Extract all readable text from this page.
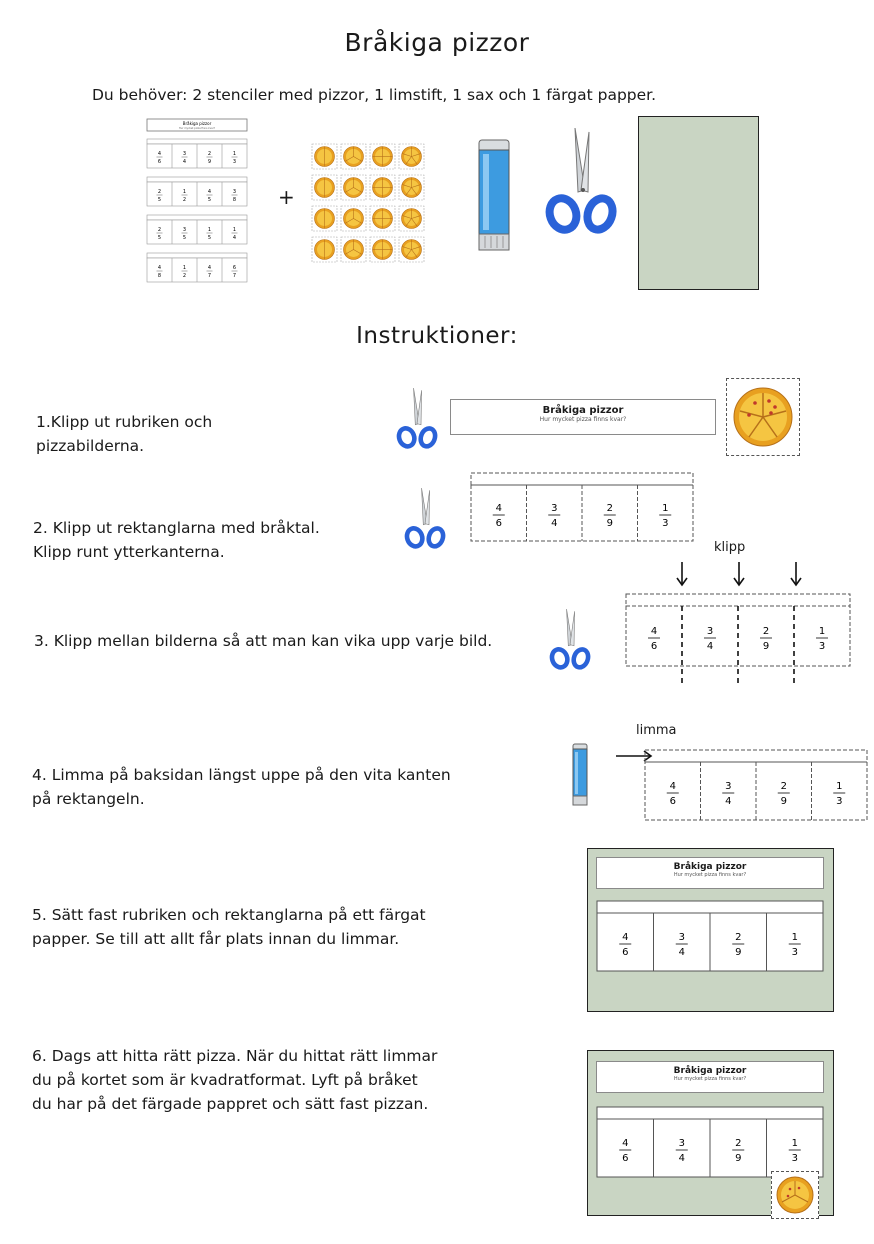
Bråkiga pizzor
Du behöver: 2 stenciler med pizzor, 1 limstift, 1 sax och 1 färgat papper.
Bråkiga pizzor
Hur mycket pizza finns kvar?
4
6
3
4
2
9
1
3
2
5
1
2
4
5
3
8
2
5
3
5
1
5
1
4
4
8
1
2
4
7
6
7
+
Instruktioner:
1.Klipp ut rubriken och
pizzabilderna.
Bråkiga pizzor
Hur mycket pizza finns kvar?
2. Klipp ut rektanglarna med bråktal.
Klipp runt ytterkanterna.
4
6
3
4
2
9
1
3
klipp
3. Klipp mellan bilderna så att man kan vika upp varje bild.
4
6
3
4
2
9
1
3
limma
4. Limma på baksidan längst uppe på den vita kanten
på rektangeln.
4
6
3
4
2
9
1
3
5. Sätt fast rubriken och rektanglarna på ett färgat
papper. Se till att allt får plats innan du limmar.
Bråkiga pizzor
Hur mycket pizza finns kvar?
4
6
3
4
2
9
1
3
6. Dags att hitta rätt pizza. När du hittat rätt limmar
du på kortet som är kvadratformat. Lyft på bråket
du har på det färgade pappret och sätt fast pizzan.
Bråkiga pizzor
Hur mycket pizza finns kvar?
4
6
3
4
2
9
1
3
